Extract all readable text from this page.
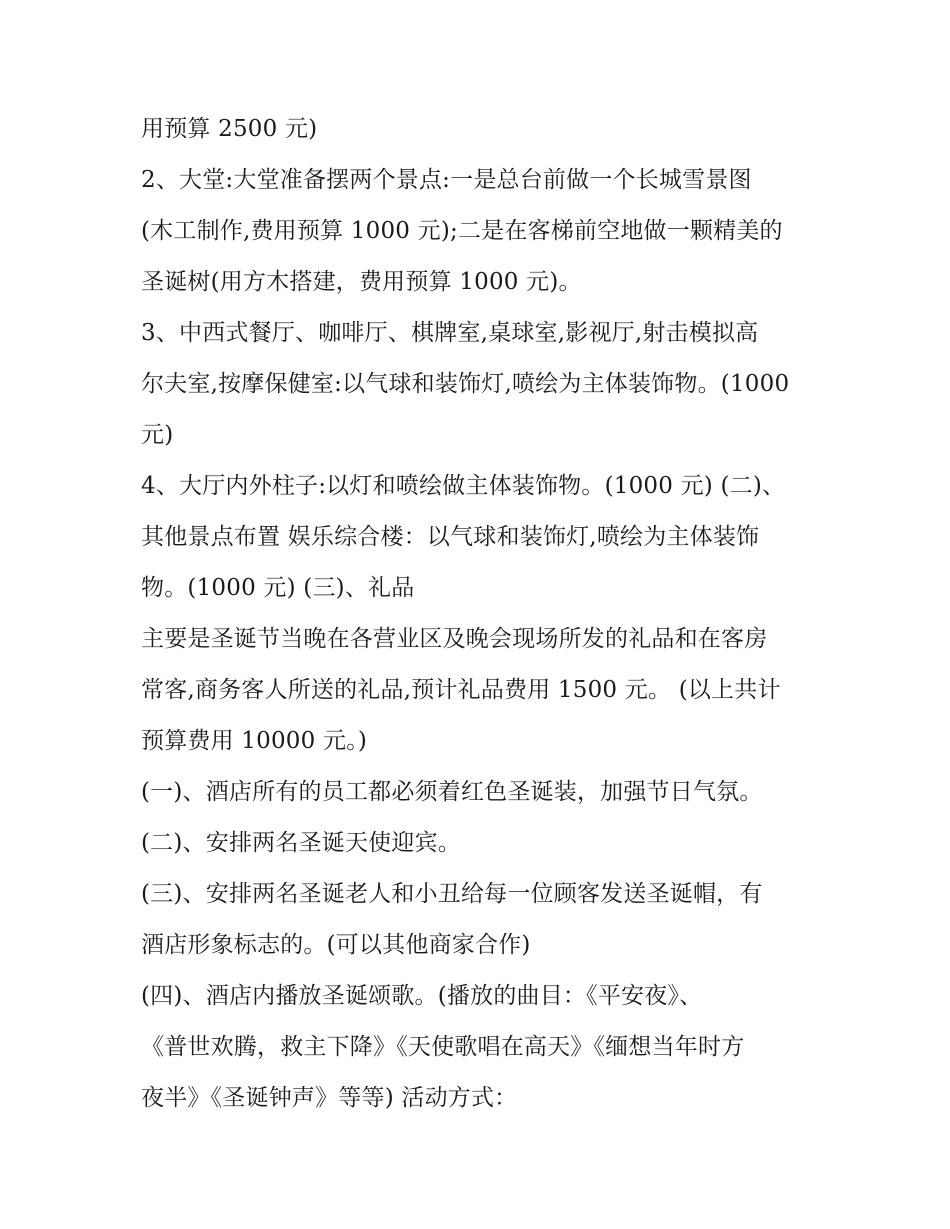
用预算 2500 元)
2、大堂:大堂准备摆两个景点:一是总台前做一个长城雪景图
(木工制作,费用预算 1000 元);二是在客梯前空地做一颗精美的
圣诞树(用方木搭建，费用预算 1000 元)。
3、中西式餐厅、咖啡厅、棋牌室,桌球室,影视厅,射击模拟高
尔夫室,按摩保健室:以气球和装饰灯,喷绘为主体装饰物。(1000
元)
4、大厅内外柱子:以灯和喷绘做主体装饰物。(1000 元) (二)、
其他景点布置 娱乐综合楼：以气球和装饰灯,喷绘为主体装饰
物。(1000 元) (三)、礼品
主要是圣诞节当晚在各营业区及晚会现场所发的礼品和在客房
常客,商务客人所送的礼品,预计礼品费用 1500 元。 (以上共计
预算费用 10000 元。)
(一)、酒店所有的员工都必须着红色圣诞装，加强节日气氛。
(二)、安排两名圣诞天使迎宾。
(三)、安排两名圣诞老人和小丑给每一位顾客发送圣诞帽，有
酒店形象标志的。(可以其他商家合作)
(四)、酒店内播放圣诞颂歌。(播放的曲目：《平安夜》、
《普世欢腾，救主下降》《天使歌唱在高天》《缅想当年时方
夜半》《圣诞钟声》等等) 活动方式：
